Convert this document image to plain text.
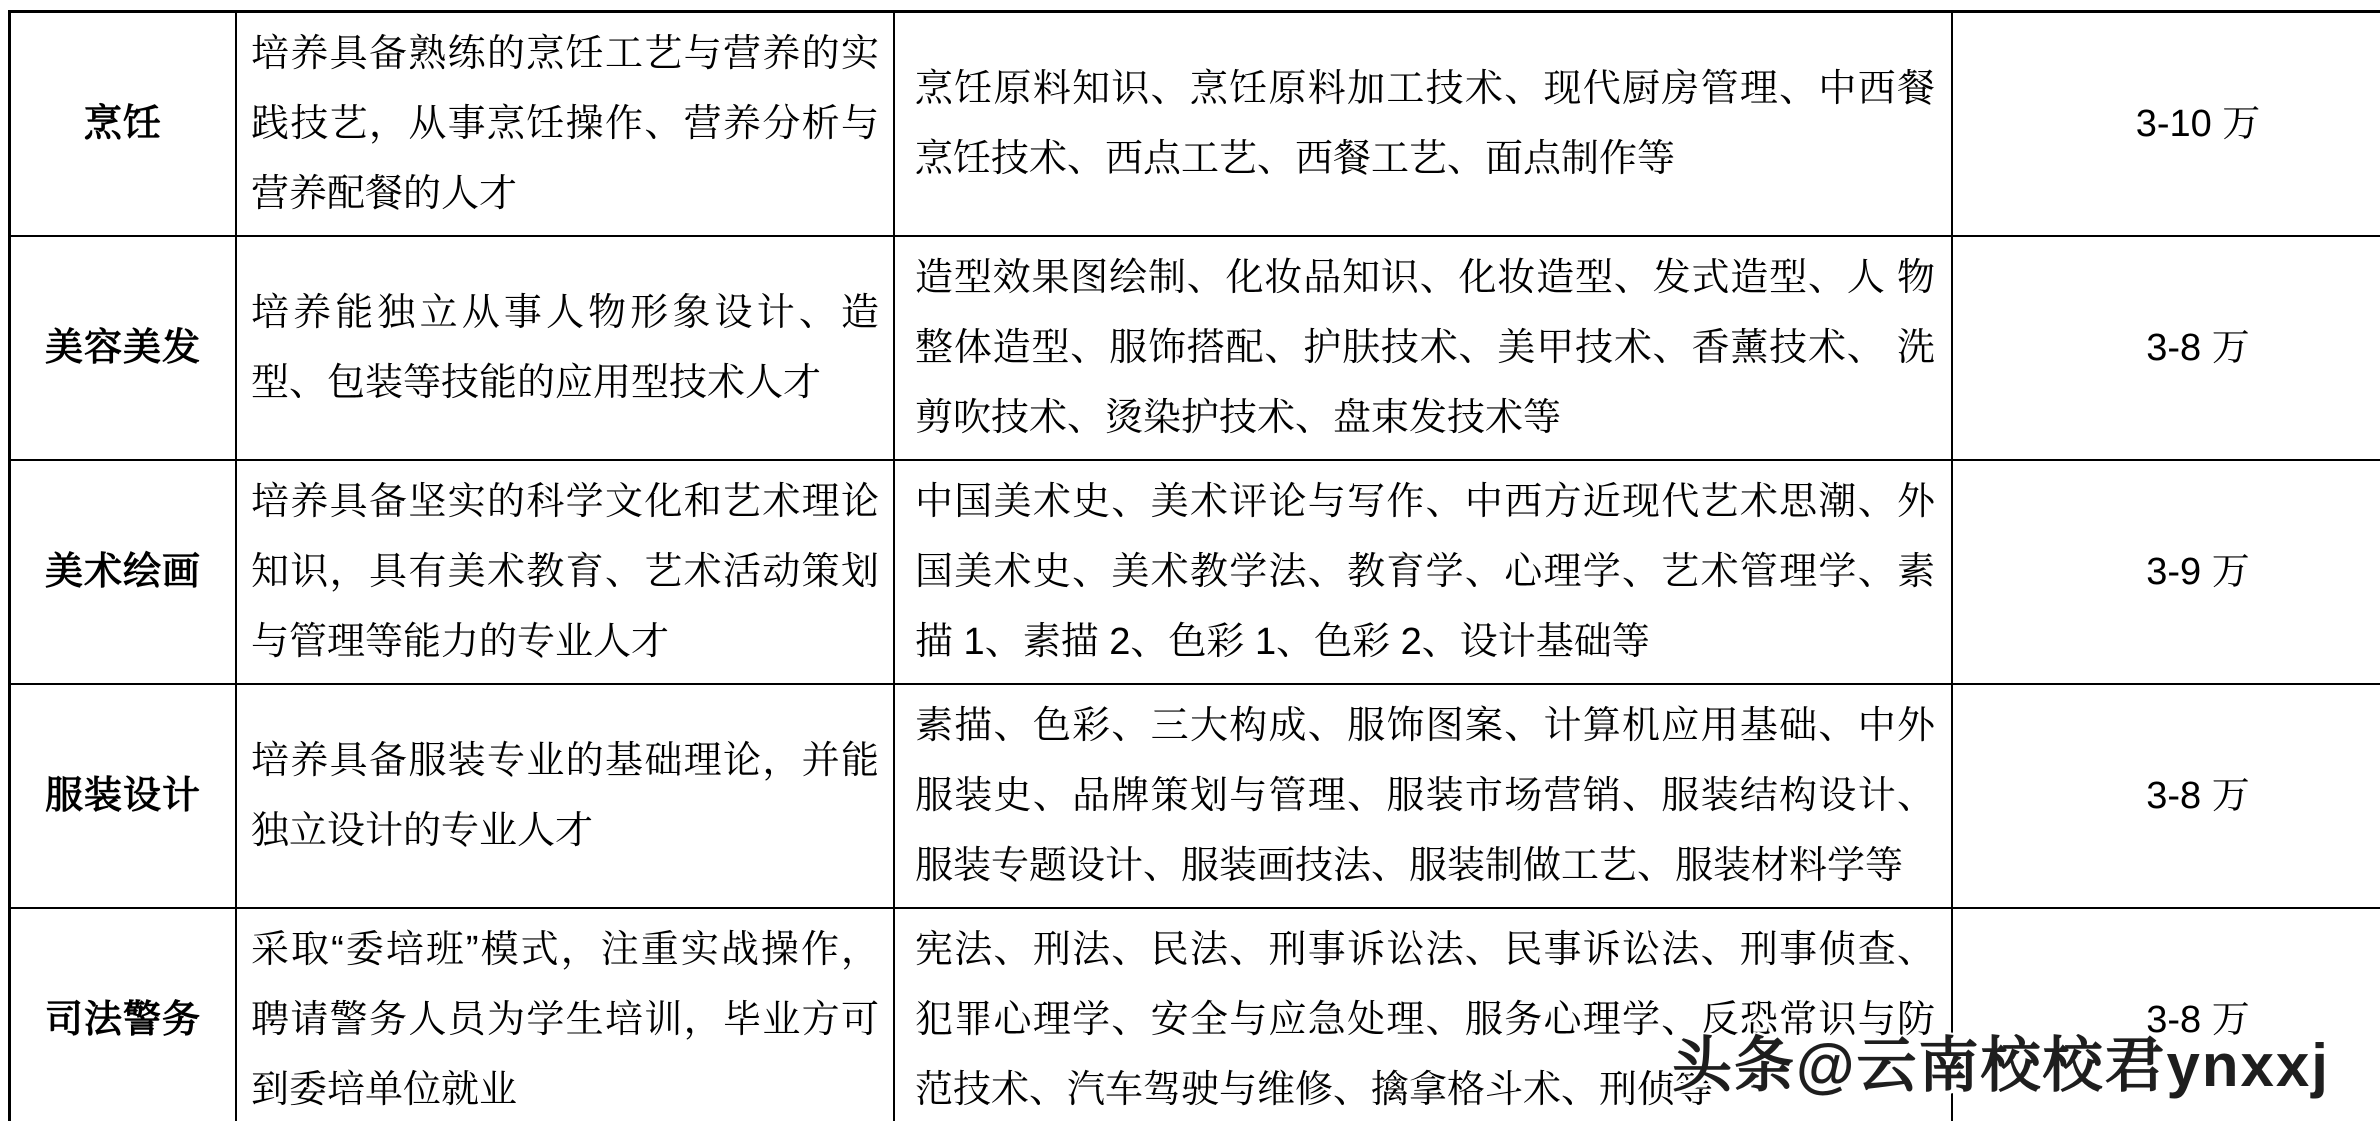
烹饪	培养具备熟练的烹饪工艺与营养的实践技艺，从事烹饪操作、营养分析与营养配餐的人才	烹饪原料知识、烹饪原料加工技术、现代厨房管理、中西餐烹饪技术、西点工艺、西餐工艺、面点制作等	3-10 万
美容美发	培养能独立从事人物形象设计、造型、包装等技能的应用型技术人才	造型效果图绘制、化妆品知识、化妆造型、发式造型、人 物整体造型、服饰搭配、护肤技术、美甲技术、香薰技术、 洗剪吹技术、烫染护技术、盘束发技术等	3-8 万
美术绘画	培养具备坚实的科学文化和艺术理论知识，具有美术教育、艺术活动策划与管理等能力的专业人才	中国美术史、美术评论与写作、中西方近现代艺术思潮、外国美术史、美术教学法、教育学、心理学、艺术管理学、素描 1、素描 2、色彩 1、色彩 2、设计基础等	3-9 万
服装设计	培养具备服装专业的基础理论，并能独立设计的专业人才	素描、色彩、三大构成、服饰图案、计算机应用基础、中外服装史、品牌策划与管理、服装市场营销、服装结构设计、服装专题设计、服装画技法、服装制做工艺、服装材料学等	3-8 万
司法警务	采取“委培班”模式，注重实战操作，聘请警务人员为学生培训，毕业方可到委培单位就业	宪法、刑法、民法、刑事诉讼法、民事诉讼法、刑事侦查、犯罪心理学、安全与应急处理、服务心理学、反恐常识与防范技术、汽车驾驶与维修、擒拿格斗术、刑侦等	3-8 万
头条@云南校校君ynxxj
